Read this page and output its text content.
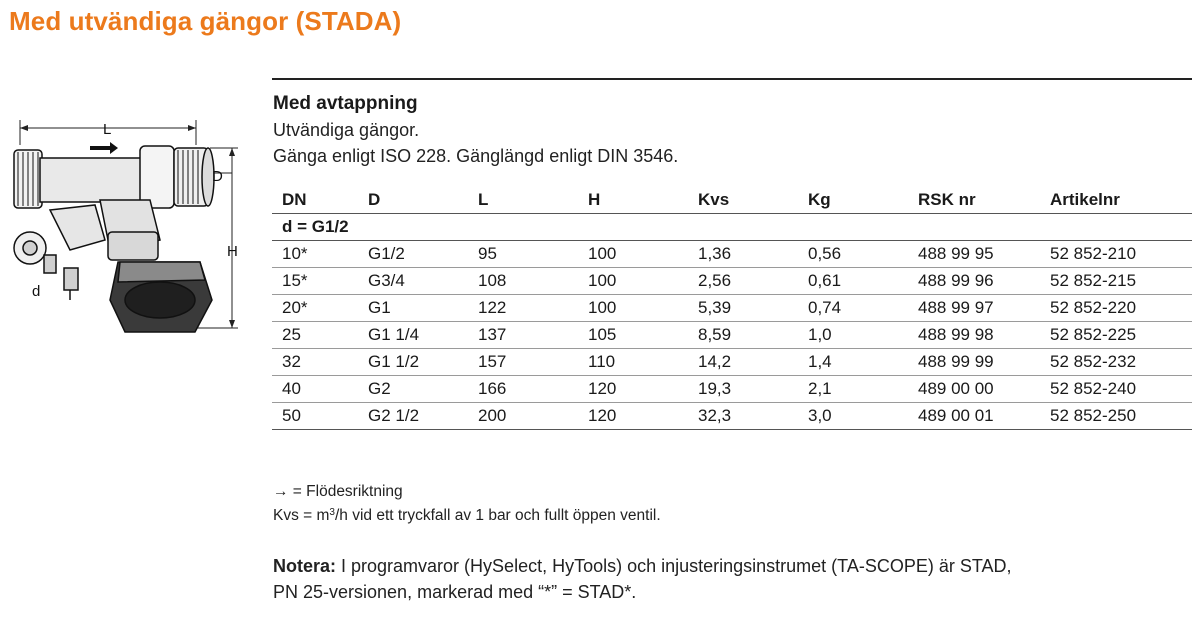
Med utvändiga gängor (STADA)
L
D
H
d
Med avtappning
Utvändiga gängor.
Gänga enligt ISO 228. Gänglängd enligt DIN 3546.
DN	D	L	H	Kvs	Kg	RSK nr	Artikelnr
d = G1/2							
10*	G1/2	95	100	1,36	0,56	488 99 95	52 852-210
15*	G3/4	108	100	2,56	0,61	488 99 96	52 852-215
20*	G1	122	100	5,39	0,74	488 99 97	52 852-220
25	G1 1/4	137	105	8,59	1,0	488 99 98	52 852-225
32	G1 1/2	157	110	14,2	1,4	488 99 99	52 852-232
40	G2	166	120	19,3	2,1	489 00 00	52 852-240
50	G2 1/2	200	120	32,3	3,0	489 00 01	52 852-250
→ = Flödesriktning
Kvs = $m^3/h$ vid ett tryckfall av 1 bar och fullt öppen ventil.
Notera: I programvaror (HySelect, HyTools) och injusteringsinstrumet (TA-SCOPE) är STAD,
PN 25-versionen, markerad med “*” = STAD*.
